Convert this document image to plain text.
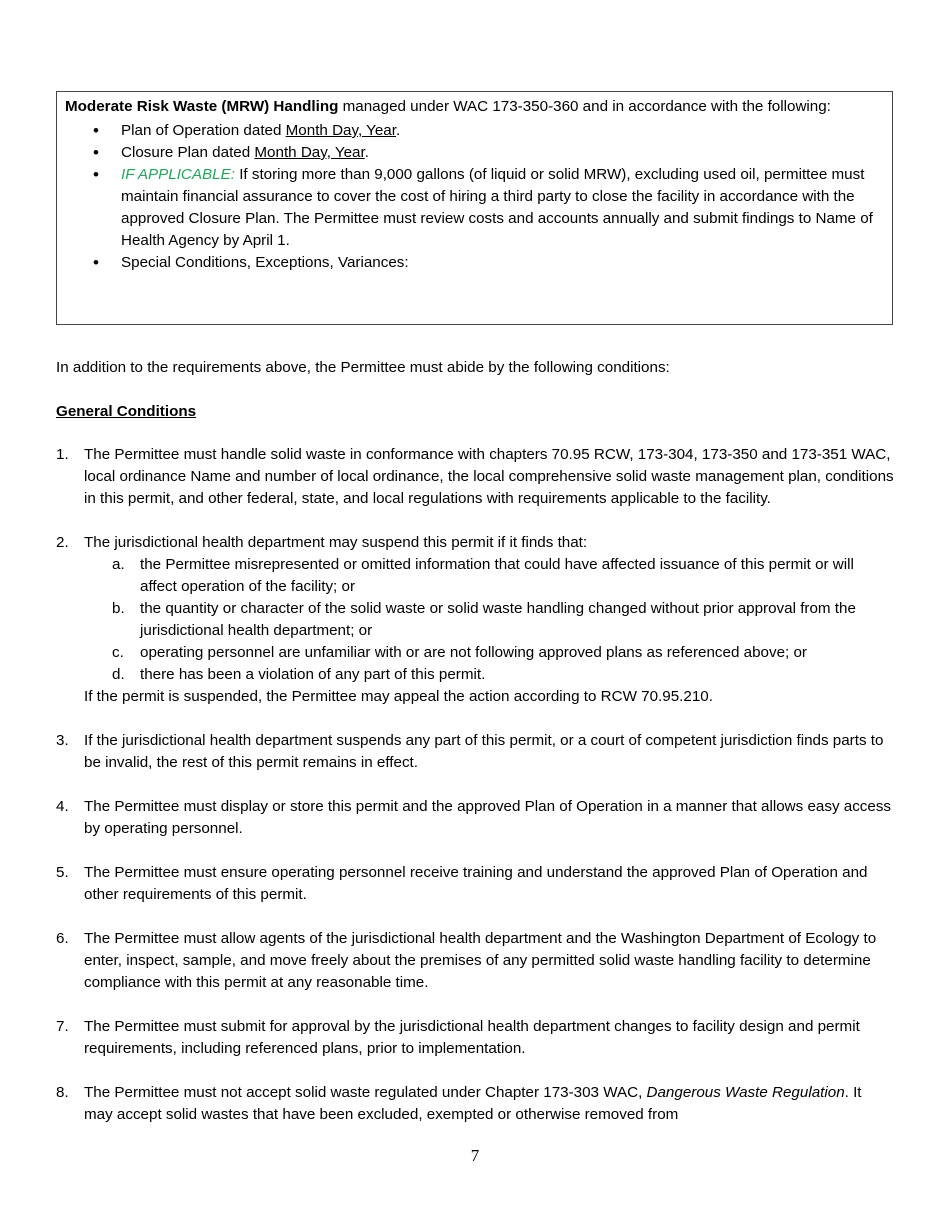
Moderate Risk Waste (MRW) Handling managed under WAC 173-350-360 and in accordance with the following:

• Plan of Operation dated Month Day, Year.
• Closure Plan dated Month Day, Year.
• IF APPLICABLE: If storing more than 9,000 gallons (of liquid or solid MRW), excluding used oil, permittee must maintain financial assurance to cover the cost of hiring a third party to close the facility in accordance with the approved Closure Plan. The Permittee must review costs and accounts annually and submit findings to Name of Health Agency by April 1.
• Special Conditions, Exceptions, Variances:

In addition to the requirements above, the Permittee must abide by the following conditions:

General Conditions

1. The Permittee must handle solid waste in conformance with chapters 70.95 RCW, 173-304, 173-350 and 173-351 WAC, local ordinance Name and number of local ordinance, the local comprehensive solid waste management plan, conditions in this permit, and other federal, state, and local regulations with requirements applicable to the facility.
2. The jurisdictional health department may suspend this permit if it finds that:
a. the Permittee misrepresented or omitted information that could have affected issuance of this permit or will affect operation of the facility; or
b. the quantity or character of the solid waste or solid waste handling changed without prior approval from the jurisdictional health department; or
c. operating personnel are unfamiliar with or are not following approved plans as referenced above; or
d. there has been a violation of any part of this permit.
If the permit is suspended, the Permittee may appeal the action according to RCW 70.95.210.
3. If the jurisdictional health department suspends any part of this permit, or a court of competent jurisdiction finds parts to be invalid, the rest of this permit remains in effect.
4. The Permittee must display or store this permit and the approved Plan of Operation in a manner that allows easy access by operating personnel.
5. The Permittee must ensure operating personnel receive training and understand the approved Plan of Operation and other requirements of this permit.
6. The Permittee must allow agents of the jurisdictional health department and the Washington Department of Ecology to enter, inspect, sample, and move freely about the premises of any permitted solid waste handling facility to determine compliance with this permit at any reasonable time.
7. The Permittee must submit for approval by the jurisdictional health department changes to facility design and permit requirements, including referenced plans, prior to implementation.
8. The Permittee must not accept solid waste regulated under Chapter 173-303 WAC, Dangerous Waste Regulation. It may accept solid wastes that have been excluded, exempted or otherwise removed from
7
